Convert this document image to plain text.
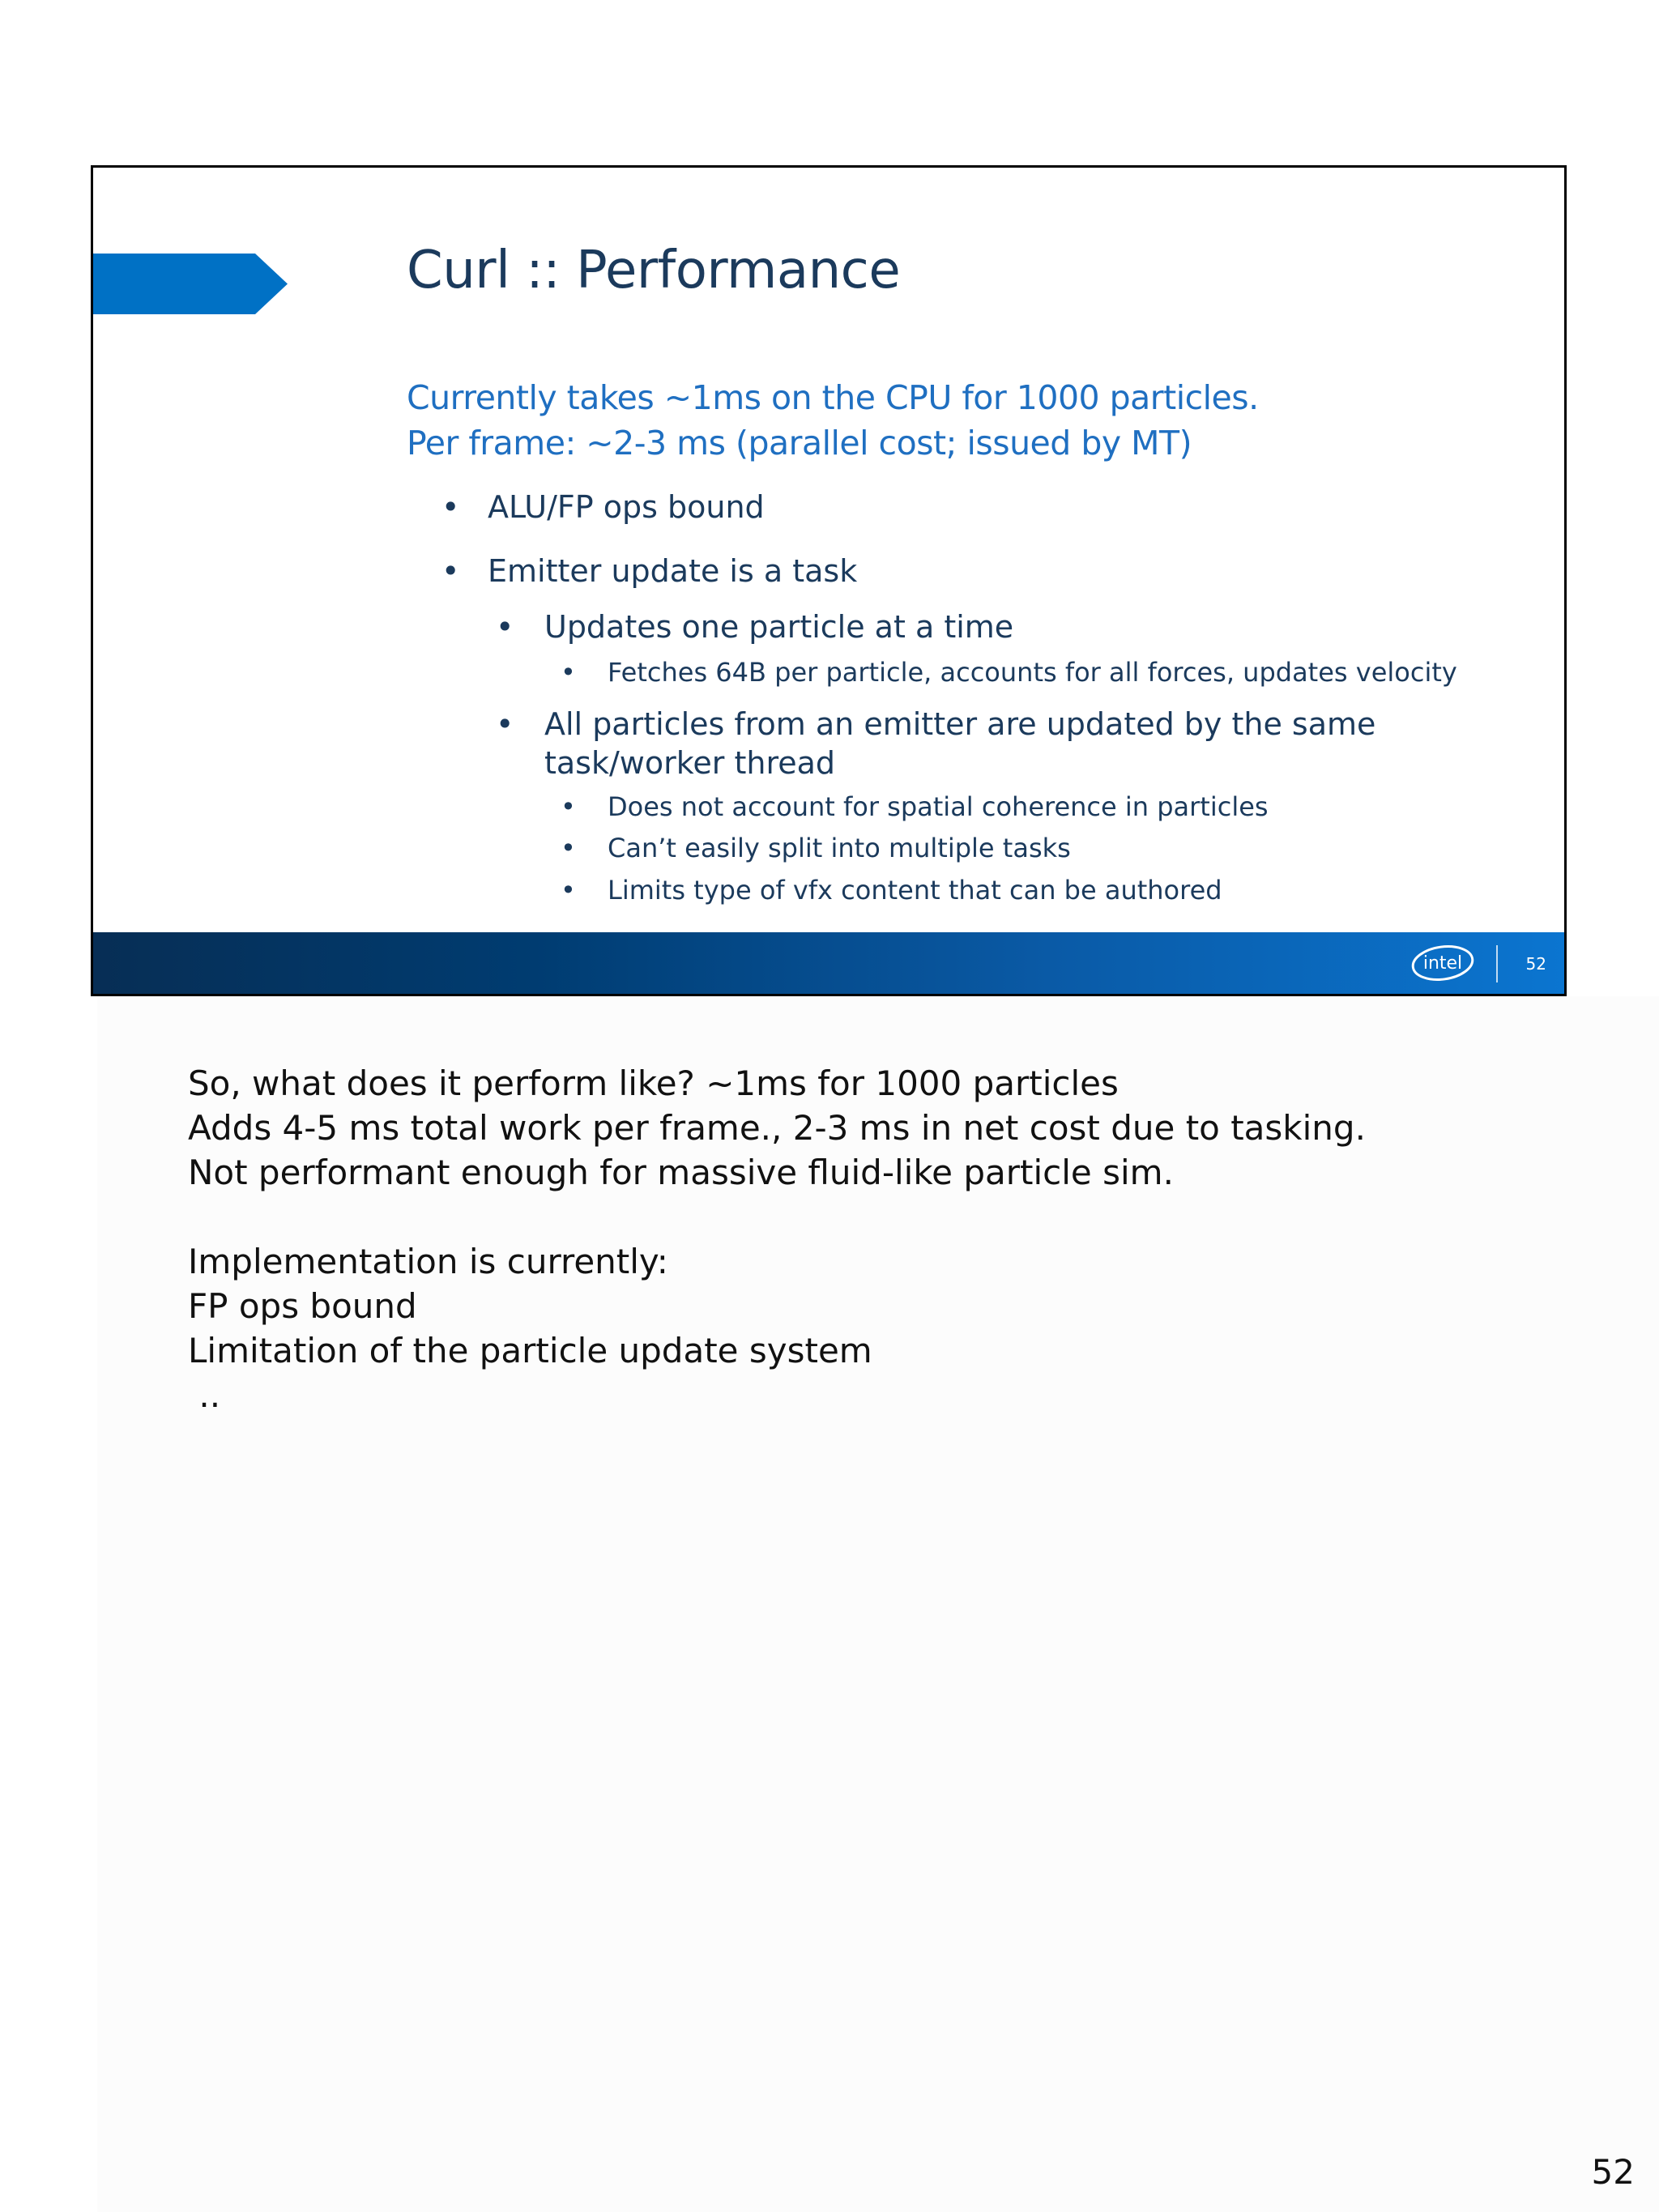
Curl :: Performance
Currently takes ~1ms on the CPU for 1000 particles.
Per frame: ~2-3 ms (parallel cost; issued by MT)
• ALU/FP ops bound
• Emitter update is a task
• Updates one particle at a time
• Fetches 64B per particle, accounts for all forces, updates velocity
• All particles from an emitter are updated by the same
task/worker thread
• Does not account for spatial coherence in particles
• Can’t easily split into multiple tasks
• Limits type of vfx content that can be authored
intel	52
So, what does it perform like? ~1ms for 1000 particles
Adds 4-5 ms total work per frame., 2-3 ms in net cost due to tasking.
Not performant enough for massive fluid-like particle sim.
Implementation is currently:
FP ops bound
Limitation of the particle update system
..
52
